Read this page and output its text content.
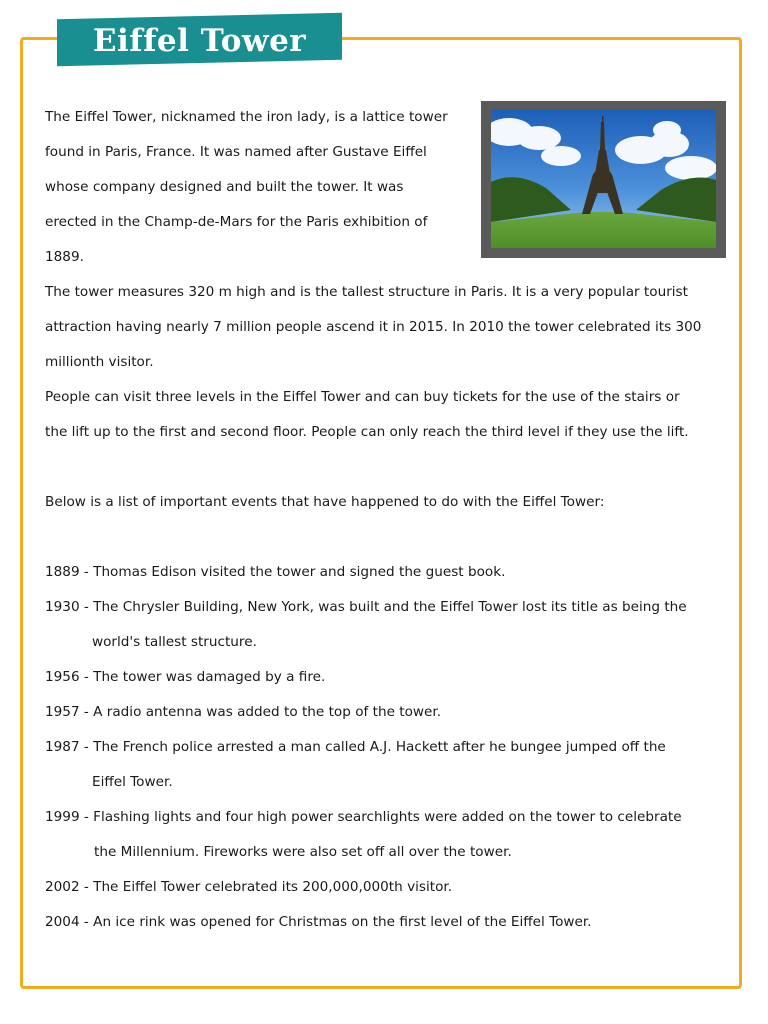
Eiffel Tower

The Eiffel Tower, nicknamed the iron lady, is a lattice tower

found in Paris, France. It was named after Gustave Eiffel

whose company designed and built the tower. It was

erected in the Champ-de-Mars for the Paris exhibition of

1889.

The tower measures 320 m high and is the tallest structure in Paris. It is a very popular tourist

attraction having nearly 7 million people ascend it in 2015. In 2010 the tower celebrated its 300

millionth visitor.

People can visit three levels in the Eiffel Tower and can buy tickets for the use of the stairs or

the lift up to the first and second floor. People can only reach the third level if they use the lift.

Below is a list of important events that have happened to do with the Eiffel Tower:

1889 - Thomas Edison visited the tower and signed the guest book.

1930 - The Chrysler Building, New York, was built and the Eiffel Tower lost its title as being the

world's tallest structure.

1956 - The tower was damaged by a fire.

1957 - A radio antenna was added to the top of the tower.

1987 - The French police arrested a man called A.J. Hackett after he bungee jumped off the

Eiffel Tower.

1999 - Flashing lights and four high power searchlights were added on the tower to celebrate

the Millennium. Fireworks were also set off all over the tower.

2002 - The Eiffel Tower celebrated its 200,000,000th visitor.

2004 - An ice rink was opened for Christmas on the first level of the Eiffel Tower.
